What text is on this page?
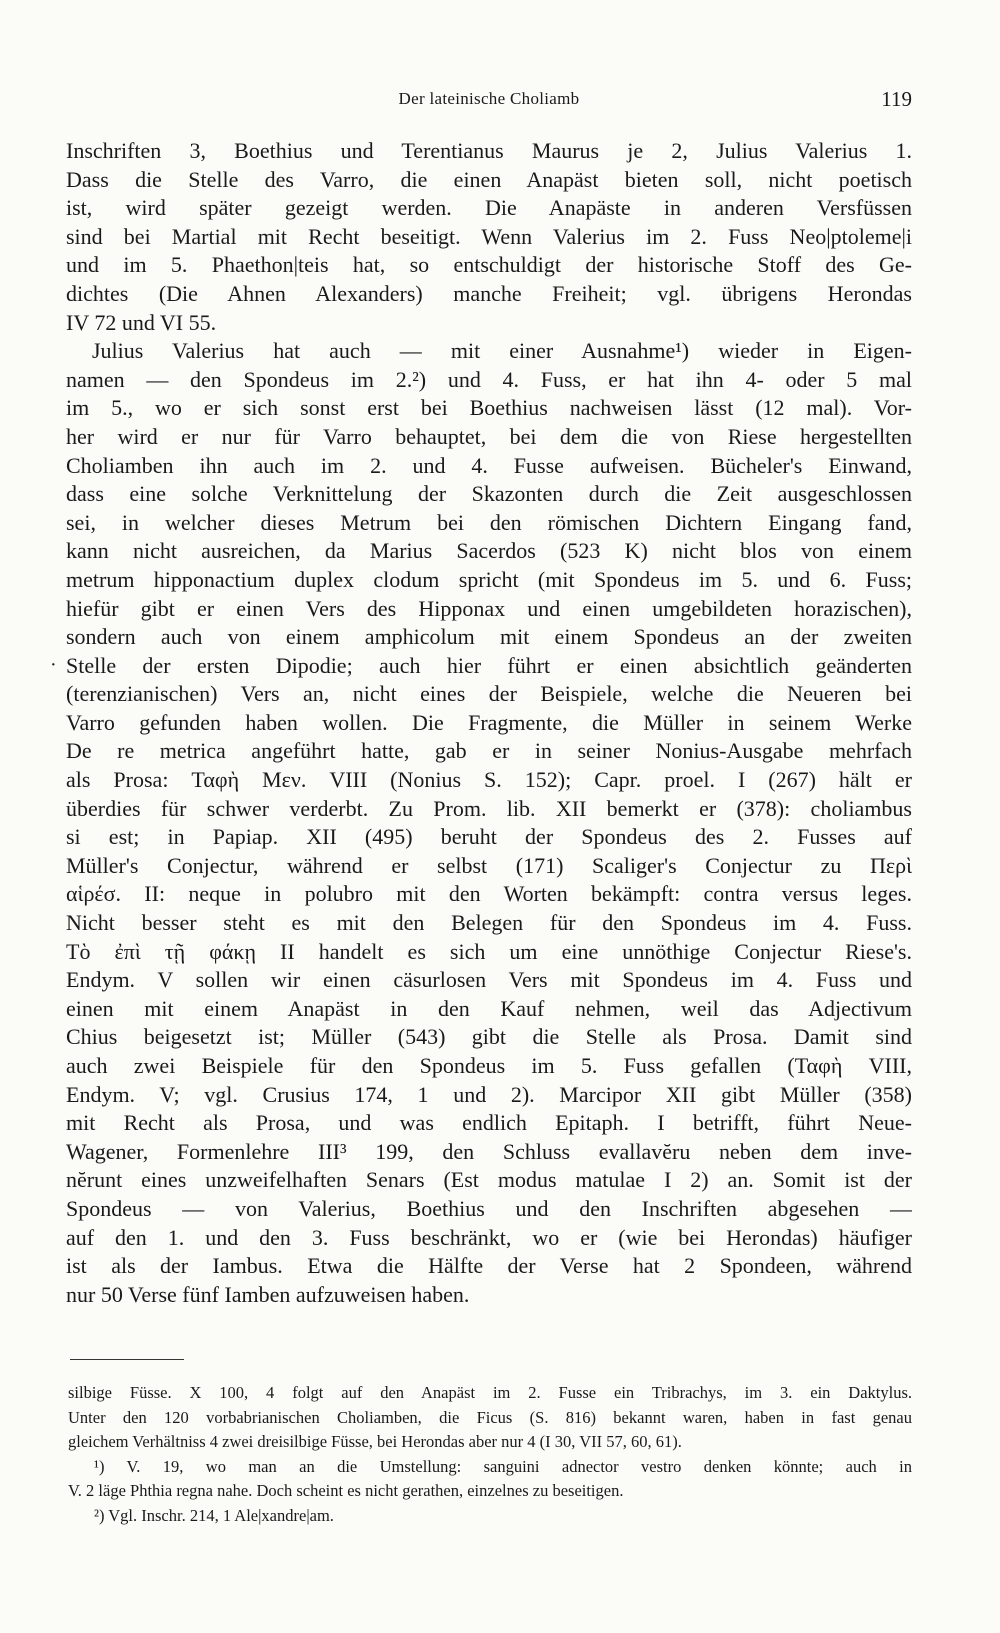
Der lateinische Choliamb	119
·
Inschriften 3, Boethius und Terentianus Maurus je 2, Julius Valerius 1.
Dass die Stelle des Varro, die einen Anapäst bieten soll, nicht poetisch
ist, wird später gezeigt werden. Die Anapäste in anderen Versfüssen
sind bei Martial mit Recht beseitigt. Wenn Valerius im 2. Fuss Neo|ptoleme|i
und im 5. Phaethon|teis hat, so entschuldigt der historische Stoff des Ge-
dichtes (Die Ahnen Alexanders) manche Freiheit; vgl. übrigens Herondas
IV 72 und VI 55.
Julius Valerius hat auch — mit einer Ausnahme¹) wieder in Eigen-
namen — den Spondeus im 2.²) und 4. Fuss, er hat ihn 4- oder 5 mal
im 5., wo er sich sonst erst bei Boethius nachweisen lässt (12 mal). Vor-
her wird er nur für Varro behauptet, bei dem die von Riese hergestellten
Choliamben ihn auch im 2. und 4. Fusse aufweisen. Bücheler's Einwand,
dass eine solche Verknittelung der Skazonten durch die Zeit ausgeschlossen
sei, in welcher dieses Metrum bei den römischen Dichtern Eingang fand,
kann nicht ausreichen, da Marius Sacerdos (523 K) nicht blos von einem
metrum hipponactium duplex clodum spricht (mit Spondeus im 5. und 6. Fuss;
hiefür gibt er einen Vers des Hipponax und einen umgebildeten horazischen),
sondern auch von einem amphicolum mit einem Spondeus an der zweiten
Stelle der ersten Dipodie; auch hier führt er einen absichtlich geänderten
(terenzianischen) Vers an, nicht eines der Beispiele, welche die Neueren bei
Varro gefunden haben wollen. Die Fragmente, die Müller in seinem Werke
De re metrica angeführt hatte, gab er in seiner Nonius-Ausgabe mehrfach
als Prosa: Ταφὴ Μεν. VIII (Nonius S. 152); Capr. proel. I (267) hält er
überdies für schwer verderbt. Zu Prom. lib. XII bemerkt er (378): choliambus
si est; in Papiap. XII (495) beruht der Spondeus des 2. Fusses auf
Müller's Conjectur, während er selbst (171) Scaliger's Conjectur zu Περὶ
αἱρέσ. II: neque in polubro mit den Worten bekämpft: contra versus leges.
Nicht besser steht es mit den Belegen für den Spondeus im 4. Fuss.
Τὸ ἐπὶ τῇ φάκῃ II handelt es sich um eine unnöthige Conjectur Riese's.
Endym. V sollen wir einen cäsurlosen Vers mit Spondeus im 4. Fuss und
einen mit einem Anapäst in den Kauf nehmen, weil das Adjectivum
Chius beigesetzt ist; Müller (543) gibt die Stelle als Prosa. Damit sind
auch zwei Beispiele für den Spondeus im 5. Fuss gefallen (Ταφὴ VIII,
Endym. V; vgl. Crusius 174, 1 und 2). Marcipor XII gibt Müller (358)
mit Recht als Prosa, und was endlich Epitaph. I betrifft, führt Neue-
Wagener, Formenlehre III³ 199, den Schluss evallavĕru neben dem inve-
nĕrunt eines unzweifelhaften Senars (Est modus matulae I 2) an. Somit ist der
Spondeus — von Valerius, Boethius und den Inschriften abgesehen —
auf den 1. und den 3. Fuss beschränkt, wo er (wie bei Herondas) häufiger
ist als der Iambus. Etwa die Hälfte der Verse hat 2 Spondeen, während
nur 50 Verse fünf Iamben aufzuweisen haben.
silbige Füsse. X 100, 4 folgt auf den Anapäst im 2. Fusse ein Tribrachys, im 3. ein Daktylus.
Unter den 120 vorbabrianischen Choliamben, die Ficus (S. 816) bekannt waren, haben in fast genau
gleichem Verhältniss 4 zwei dreisilbige Füsse, bei Herondas aber nur 4 (I 30, VII 57, 60, 61).
¹) V. 19, wo man an die Umstellung: sanguini adnector vestro denken könnte; auch in
V. 2 läge Phthia regna nahe. Doch scheint es nicht gerathen, einzelnes zu beseitigen.
²) Vgl. Inschr. 214, 1 Ale|xandre|am.
